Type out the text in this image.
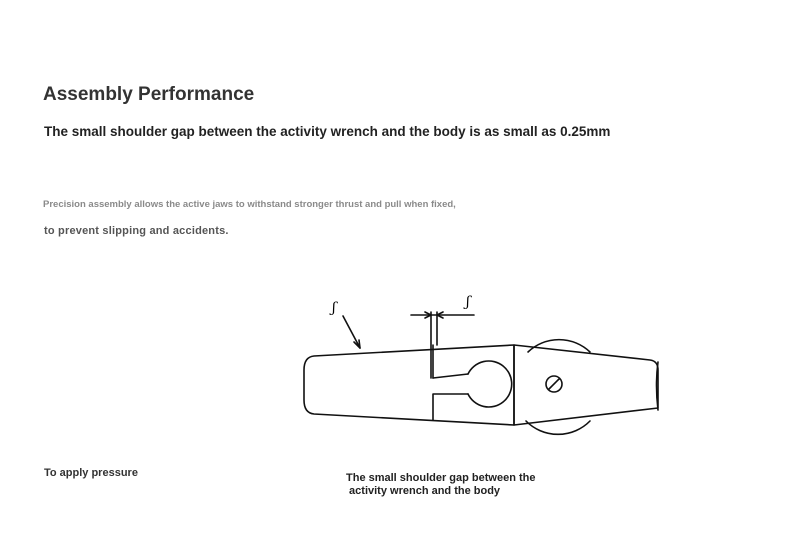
Assembly Performance
The small shoulder gap between the activity wrench and the body is as small as 0.25mm
Precision assembly allows the active jaws to withstand stronger thrust and pull when fixed,
to prevent slipping and accidents.
To apply pressure	The small shoulder gap between the
activity wrench and the body
ʃ	ʃ
